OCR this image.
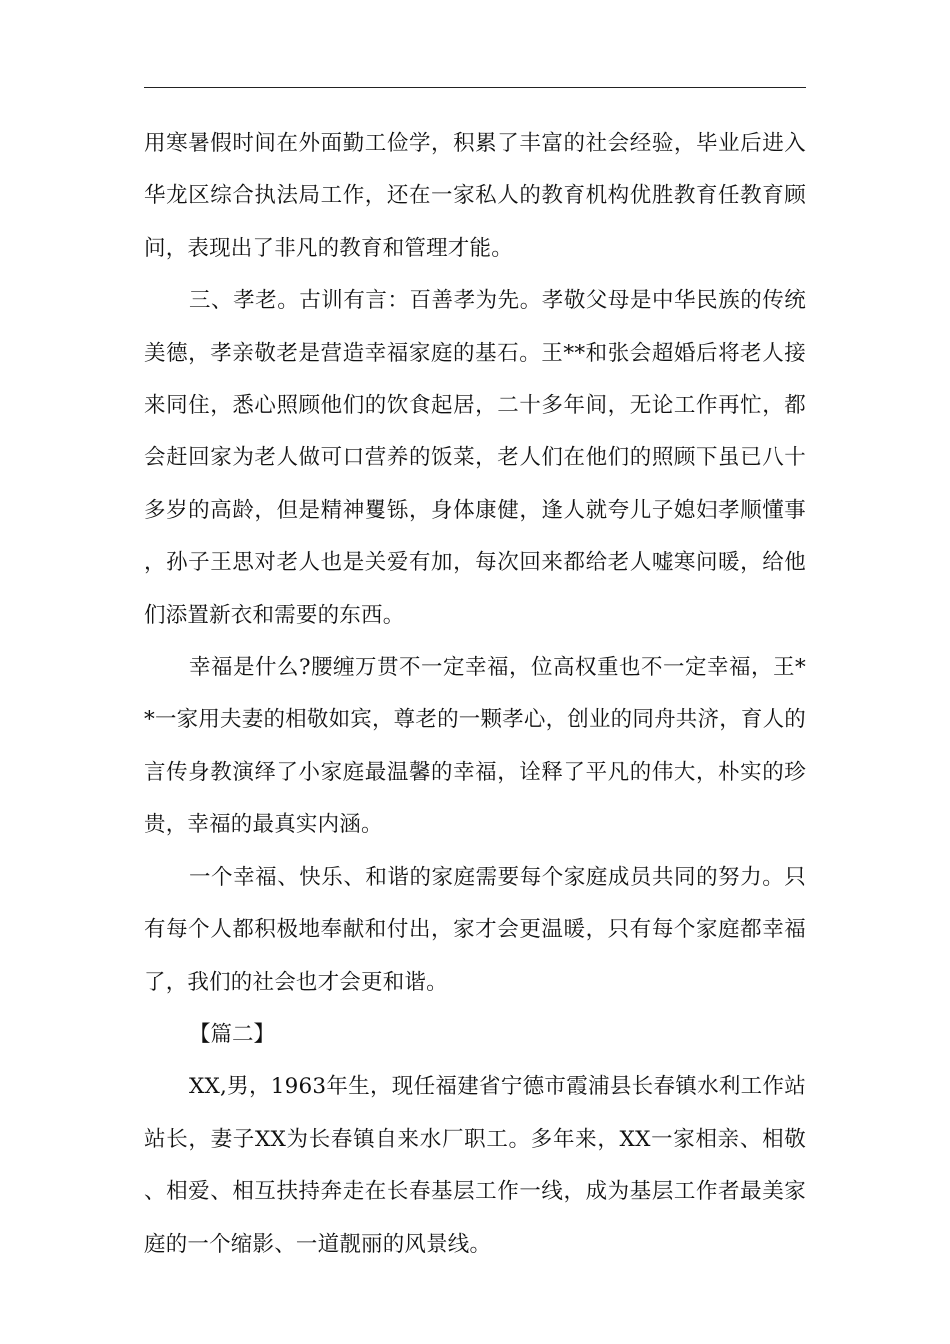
用寒暑假时间在外面勤工俭学，积累了丰富的社会经验，毕业后进入华龙区综合执法局工作，还在一家私人的教育机构优胜教育任教育顾问，表现出了非凡的教育和管理才能。

三、孝老。古训有言：百善孝为先。孝敬父母是中华民族的传统美德，孝亲敬老是营造幸福家庭的基石。王**和张会超婚后将老人接来同住，悉心照顾他们的饮食起居，二十多年间，无论工作再忙，都会赶回家为老人做可口营养的饭菜，老人们在他们的照顾下虽已八十多岁的高龄，但是精神矍铄，身体康健，逢人就夸儿子媳妇孝顺懂事，孙子王思对老人也是关爱有加，每次回来都给老人嘘寒问暖，给他们添置新衣和需要的东西。

幸福是什么?腰缠万贯不一定幸福，位高权重也不一定幸福，王**一家用夫妻的相敬如宾，尊老的一颗孝心，创业的同舟共济，育人的言传身教演绎了小家庭最温馨的幸福，诠释了平凡的伟大，朴实的珍贵，幸福的最真实内涵。

一个幸福、快乐、和谐的家庭需要每个家庭成员共同的努力。只有每个人都积极地奉献和付出，家才会更温暖，只有每个家庭都幸福了，我们的社会也才会更和谐。

【篇二】

XX,男，1963年生，现任福建省宁德市霞浦县长春镇水利工作站站长，妻子XX为长春镇自来水厂职工。多年来，XX一家相亲、相敬、相爱、相互扶持奔走在长春基层工作一线，成为基层工作者最美家庭的一个缩影、一道靓丽的风景线。
